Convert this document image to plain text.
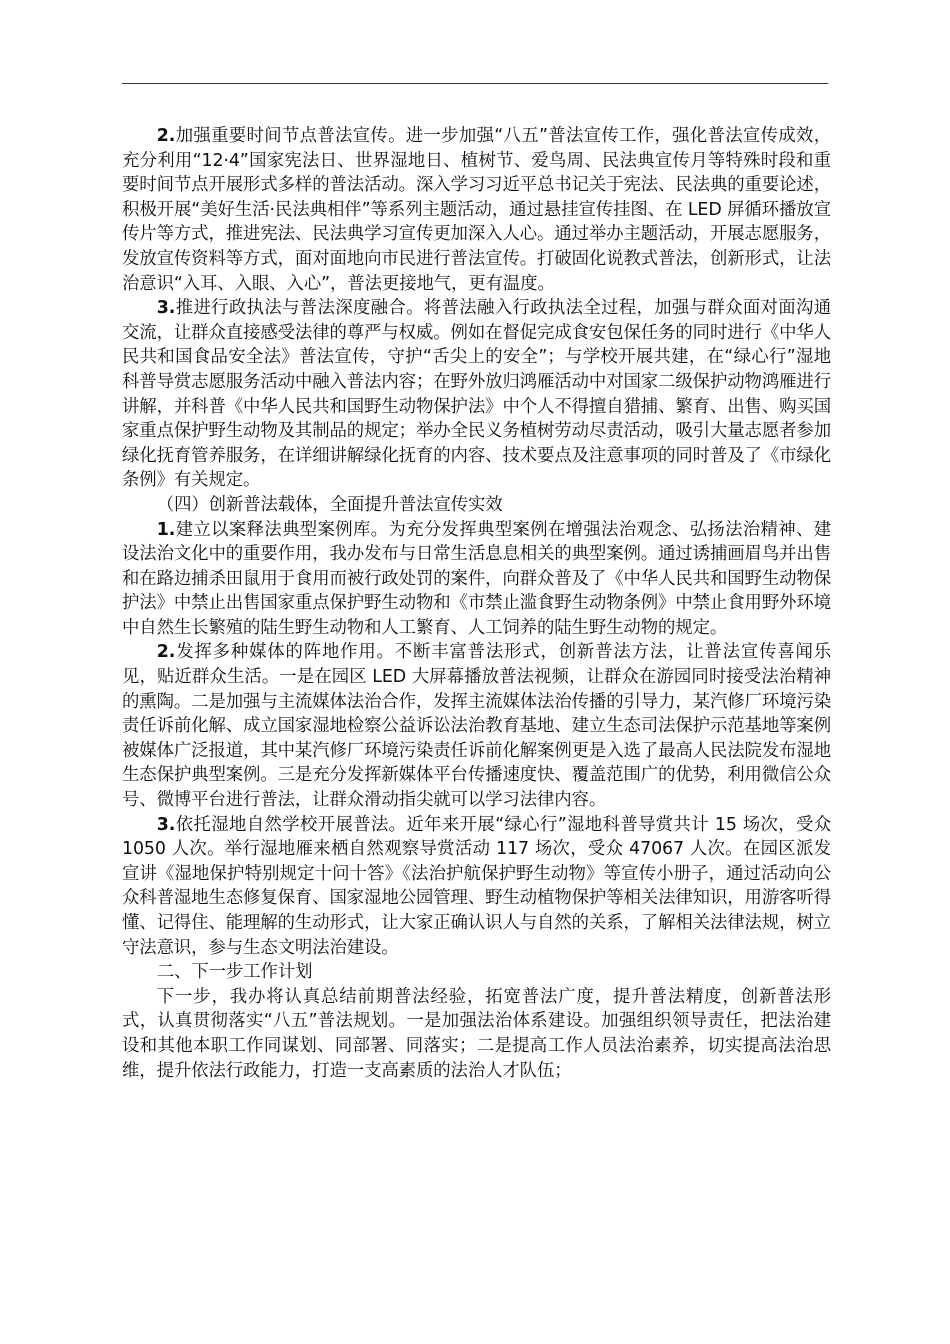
2.加强重要时间节点普法宣传。进一步加强“八五”普法宣传工作，强化普法宣传成效，充分利用“12·4”国家宪法日、世界湿地日、植树节、爱鸟周、民法典宣传月等特殊时段和重要时间节点开展形式多样的普法活动。深入学习习近平总书记关于宪法、民法典的重要论述，积极开展“美好生活·民法典相伴”等系列主题活动，通过悬挂宣传挂图、在 LED 屏循环播放宣传片等方式，推进宪法、民法典学习宣传更加深入人心。通过举办主题活动，开展志愿服务，发放宣传资料等方式，面对面地向市民进行普法宣传。打破固化说教式普法，创新形式，让法治意识“入耳、入眼、入心”，普法更接地气，更有温度。

3.推进行政执法与普法深度融合。将普法融入行政执法全过程，加强与群众面对面沟通交流，让群众直接感受法律的尊严与权威。例如在督促完成食安包保任务的同时进行《中华人民共和国食品安全法》普法宣传，守护“舌尖上的安全”；与学校开展共建，在“绿心行”湿地科普导赏志愿服务活动中融入普法内容；在野外放归鸿雁活动中对国家二级保护动物鸿雁进行讲解，并科普《中华人民共和国野生动物保护法》中个人不得擅自猎捕、繁育、出售、购买国家重点保护野生动物及其制品的规定；举办全民义务植树劳动尽责活动，吸引大量志愿者参加绿化抚育管养服务，在详细讲解绿化抚育的内容、技术要点及注意事项的同时普及了《市绿化条例》有关规定。

（四）创新普法载体，全面提升普法宣传实效

1.建立以案释法典型案例库。为充分发挥典型案例在增强法治观念、弘扬法治精神、建设法治文化中的重要作用，我办发布与日常生活息息相关的典型案例。通过诱捕画眉鸟并出售和在路边捕杀田鼠用于食用而被行政处罚的案件，向群众普及了《中华人民共和国野生动物保护法》中禁止出售国家重点保护野生动物和《市禁止滥食野生动物条例》中禁止食用野外环境中自然生长繁殖的陆生野生动物和人工繁育、人工饲养的陆生野生动物的规定。

2.发挥多种媒体的阵地作用。不断丰富普法形式，创新普法方法，让普法宣传喜闻乐见，贴近群众生活。一是在园区 LED 大屏幕播放普法视频，让群众在游园同时接受法治精神的熏陶。二是加强与主流媒体法治合作，发挥主流媒体法治传播的引导力，某汽修厂环境污染责任诉前化解、成立国家湿地检察公益诉讼法治教育基地、建立生态司法保护示范基地等案例被媒体广泛报道，其中某汽修厂环境污染责任诉前化解案例更是入选了最高人民法院发布湿地生态保护典型案例。三是充分发挥新媒体平台传播速度快、覆盖范围广的优势，利用微信公众号、微博平台进行普法，让群众滑动指尖就可以学习法律内容。

3.依托湿地自然学校开展普法。近年来开展“绿心行”湿地科普导赏共计 15 场次，受众 1050 人次。举行湿地雁来栖自然观察导赏活动 117 场次，受众 47067 人次。在园区派发宣讲《湿地保护特别规定十问十答》《法治护航保护野生动物》等宣传小册子，通过活动向公众科普湿地生态修复保育、国家湿地公园管理、野生动植物保护等相关法律知识，用游客听得懂、记得住、能理解的生动形式，让大家正确认识人与自然的关系，了解相关法律法规，树立守法意识，参与生态文明法治建设。

二、下一步工作计划

下一步，我办将认真总结前期普法经验，拓宽普法广度，提升普法精度，创新普法形式，认真贯彻落实“八五”普法规划。一是加强法治体系建设。加强组织领导责任，把法治建设和其他本职工作同谋划、同部署、同落实；二是提高工作人员法治素养，切实提高法治思维，提升依法行政能力，打造一支高素质的法治人才队伍；
